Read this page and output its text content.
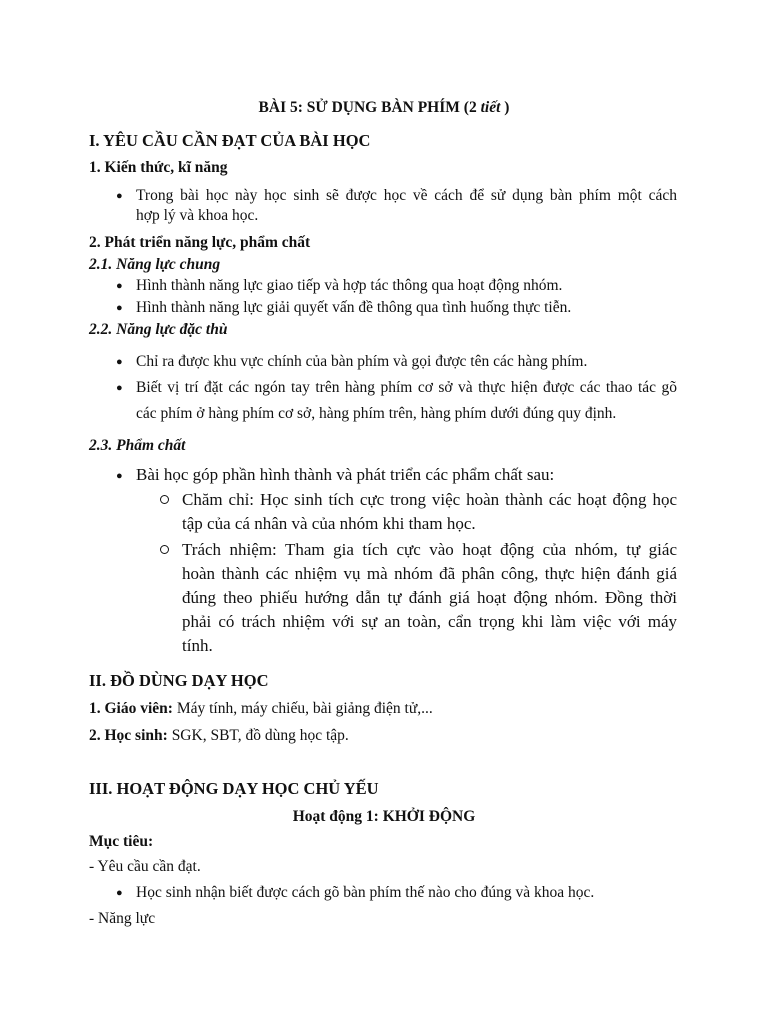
BÀI 5: SỬ DỤNG BÀN PHÍM (2 tiết )
I. YÊU CẦU CẦN ĐẠT CỦA BÀI HỌC
1. Kiến thức, kĩ năng
● Trong bài học này học sinh sẽ được học về cách để sử dụng bàn phím một cách
hợp lý và khoa học.
2. Phát triển năng lực, phẩm chất
2.1. Năng lực chung
● Hình thành năng lực giao tiếp và hợp tác thông qua hoạt động nhóm.
● Hình thành năng lực giải quyết vấn đề thông qua tình huống thực tiễn.
2.2. Năng lực đặc thù
● Chỉ ra được khu vực chính của bàn phím và gọi được tên các hàng phím.
● Biết vị trí đặt các ngón tay trên hàng phím cơ sở và thực hiện được các thao tác gõ
các phím ở hàng phím cơ sở, hàng phím trên, hàng phím dưới đúng quy định.
2.3. Phẩm chất
● Bài học góp phần hình thành và phát triển các phẩm chất sau:
Chăm chỉ: Học sinh tích cực trong việc hoàn thành các hoạt động học
tập của cá nhân và của nhóm khi tham học.
Trách nhiệm: Tham gia tích cực vào hoạt động của nhóm, tự giác
hoàn thành các nhiệm vụ mà nhóm đã phân công, thực hiện đánh giá
đúng theo phiếu hướng dẫn tự đánh giá hoạt động nhóm. Đồng thời
phải có trách nhiệm với sự an toàn, cẩn trọng khi làm việc với máy
tính.
II. ĐỒ DÙNG DẠY HỌC
1. Giáo viên: Máy tính, máy chiếu, bài giảng điện tử,...
2. Học sinh: SGK, SBT, đồ dùng học tập.
III. HOẠT ĐỘNG DẠY HỌC CHỦ YẾU
Hoạt động 1: KHỞI ĐỘNG
Mục tiêu:
- Yêu cầu cần đạt.
● Học sinh nhận biết được cách gõ bàn phím thế nào cho đúng và khoa học.
- Năng lực
